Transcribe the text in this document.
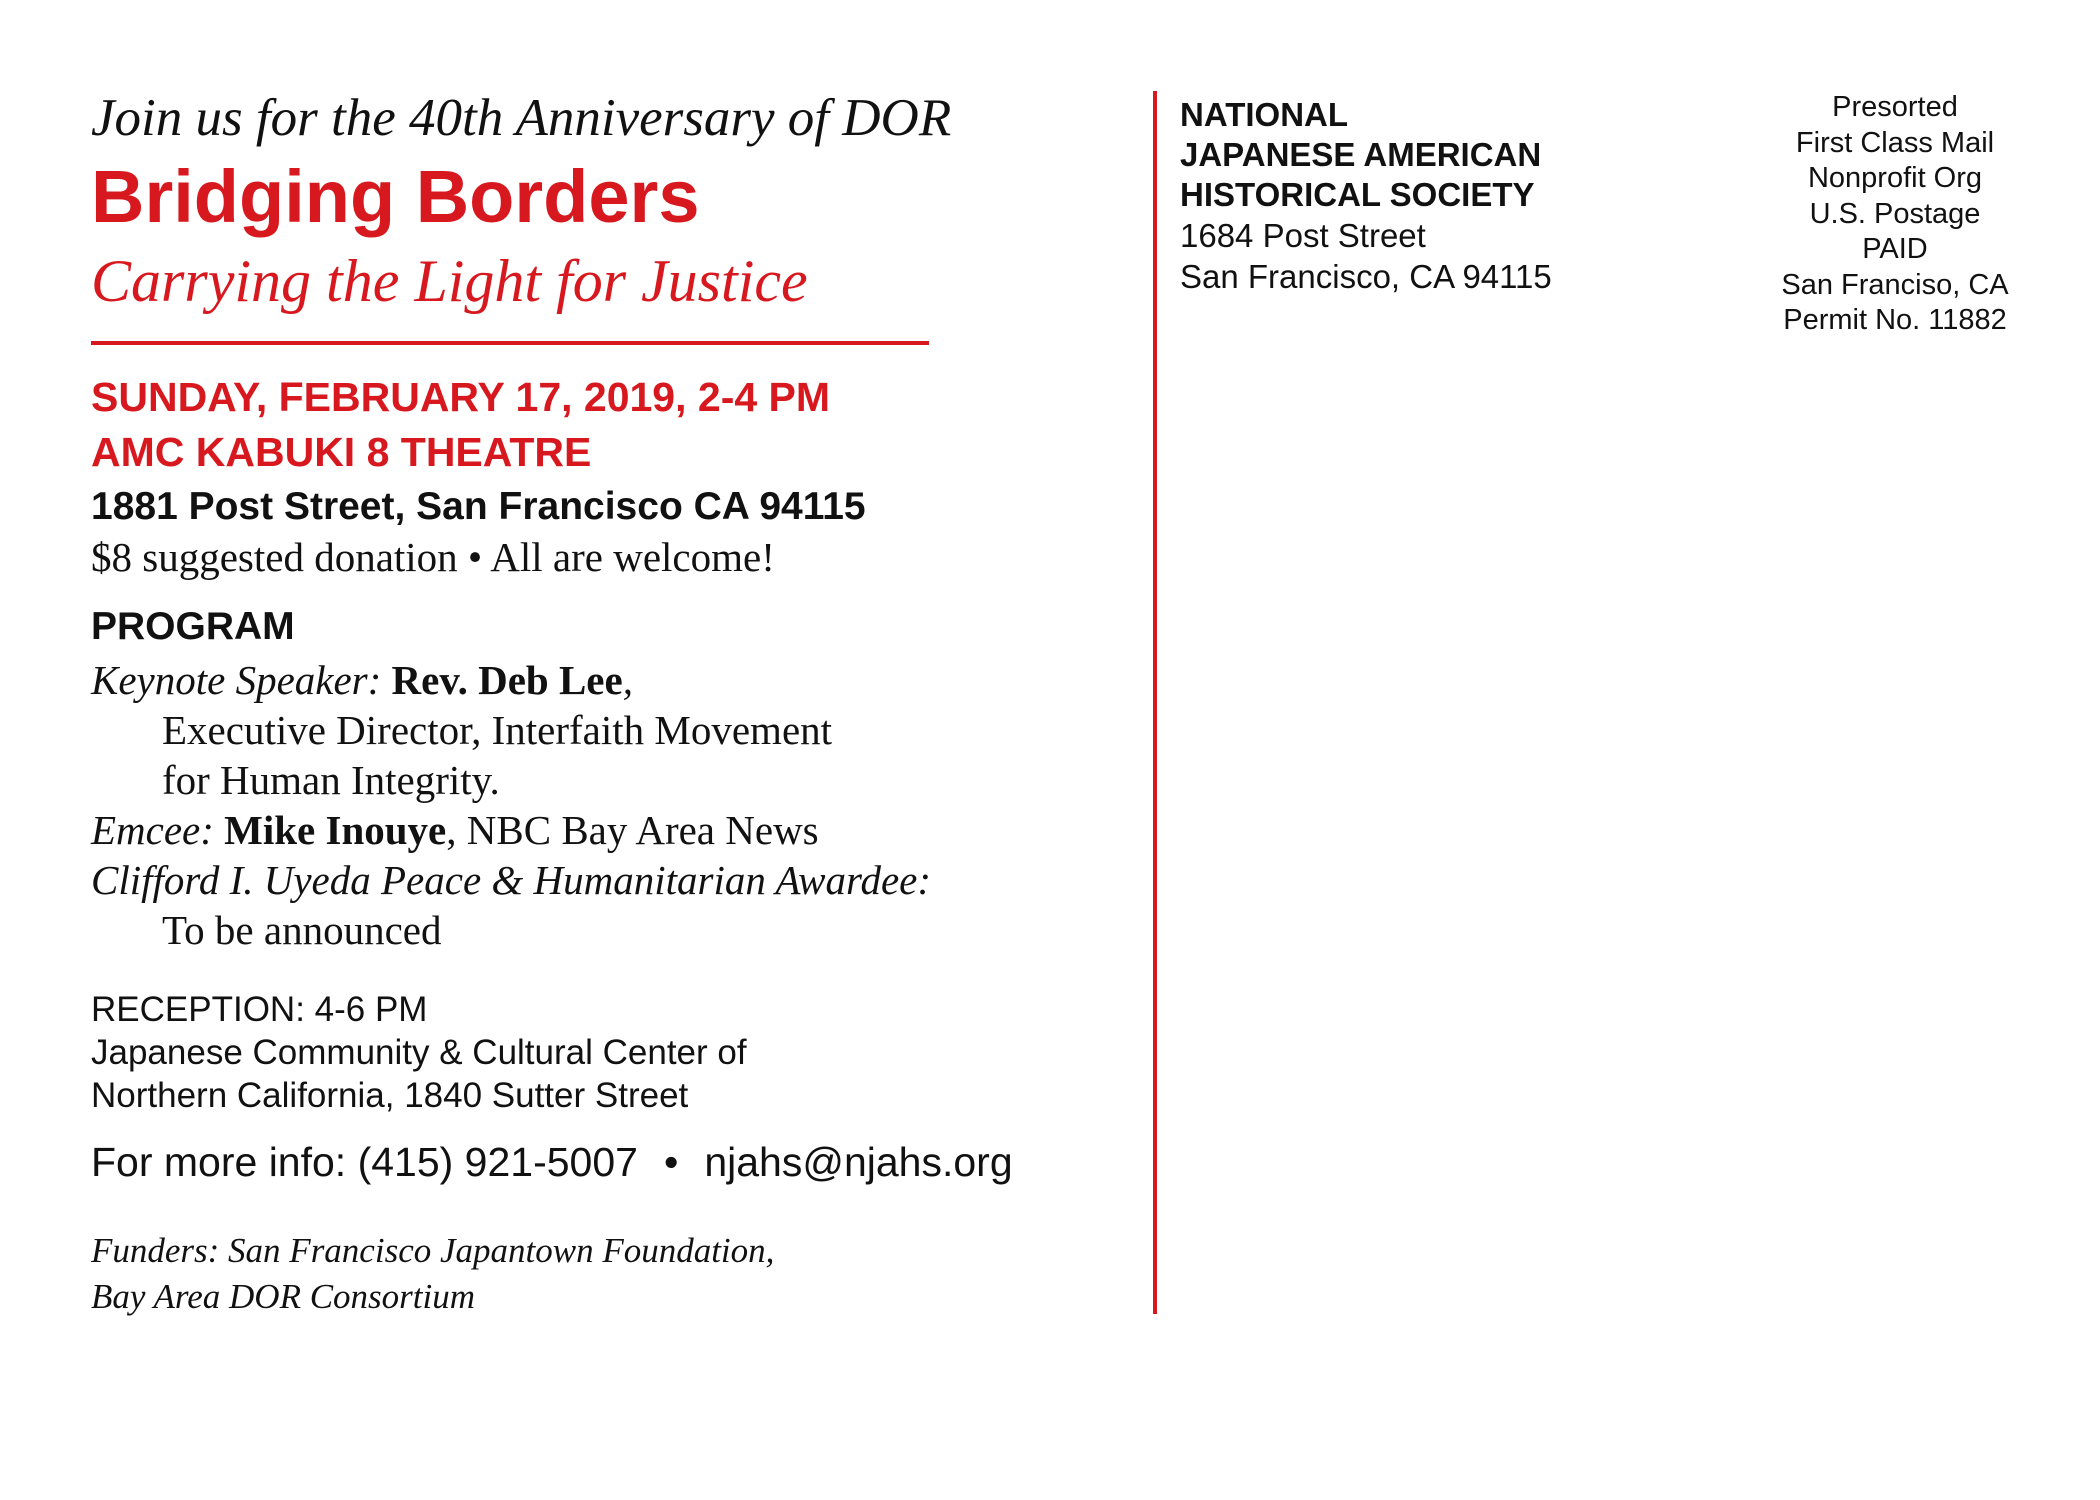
Join us for the 40th Anniversary of DOR
Bridging Borders
Carrying the Light for Justice
SUNDAY, FEBRUARY 17, 2019, 2-4 PM
AMC KABUKI 8 THEATRE
1881 Post Street, San Francisco CA 94115
$8 suggested donation • All are welcome!
PROGRAM
Keynote Speaker: Rev. Deb Lee,
Executive Director, Interfaith Movement
for Human Integrity.
Emcee: Mike Inouye, NBC Bay Area News
Clifford I. Uyeda Peace & Humanitarian Awardee:
To be announced
RECEPTION: 4-6 PM
Japanese Community & Cultural Center of
Northern California, 1840 Sutter Street
For more info: (415) 921-5007 • njahs@njahs.org
Funders: San Francisco Japantown Foundation,
Bay Area DOR Consortium
NATIONAL
JAPANESE AMERICAN
HISTORICAL SOCIETY
1684 Post Street
San Francisco, CA 94115
Presorted
First Class Mail
Nonprofit Org
U.S. Postage
PAID
San Franciso, CA
Permit No. 11882
